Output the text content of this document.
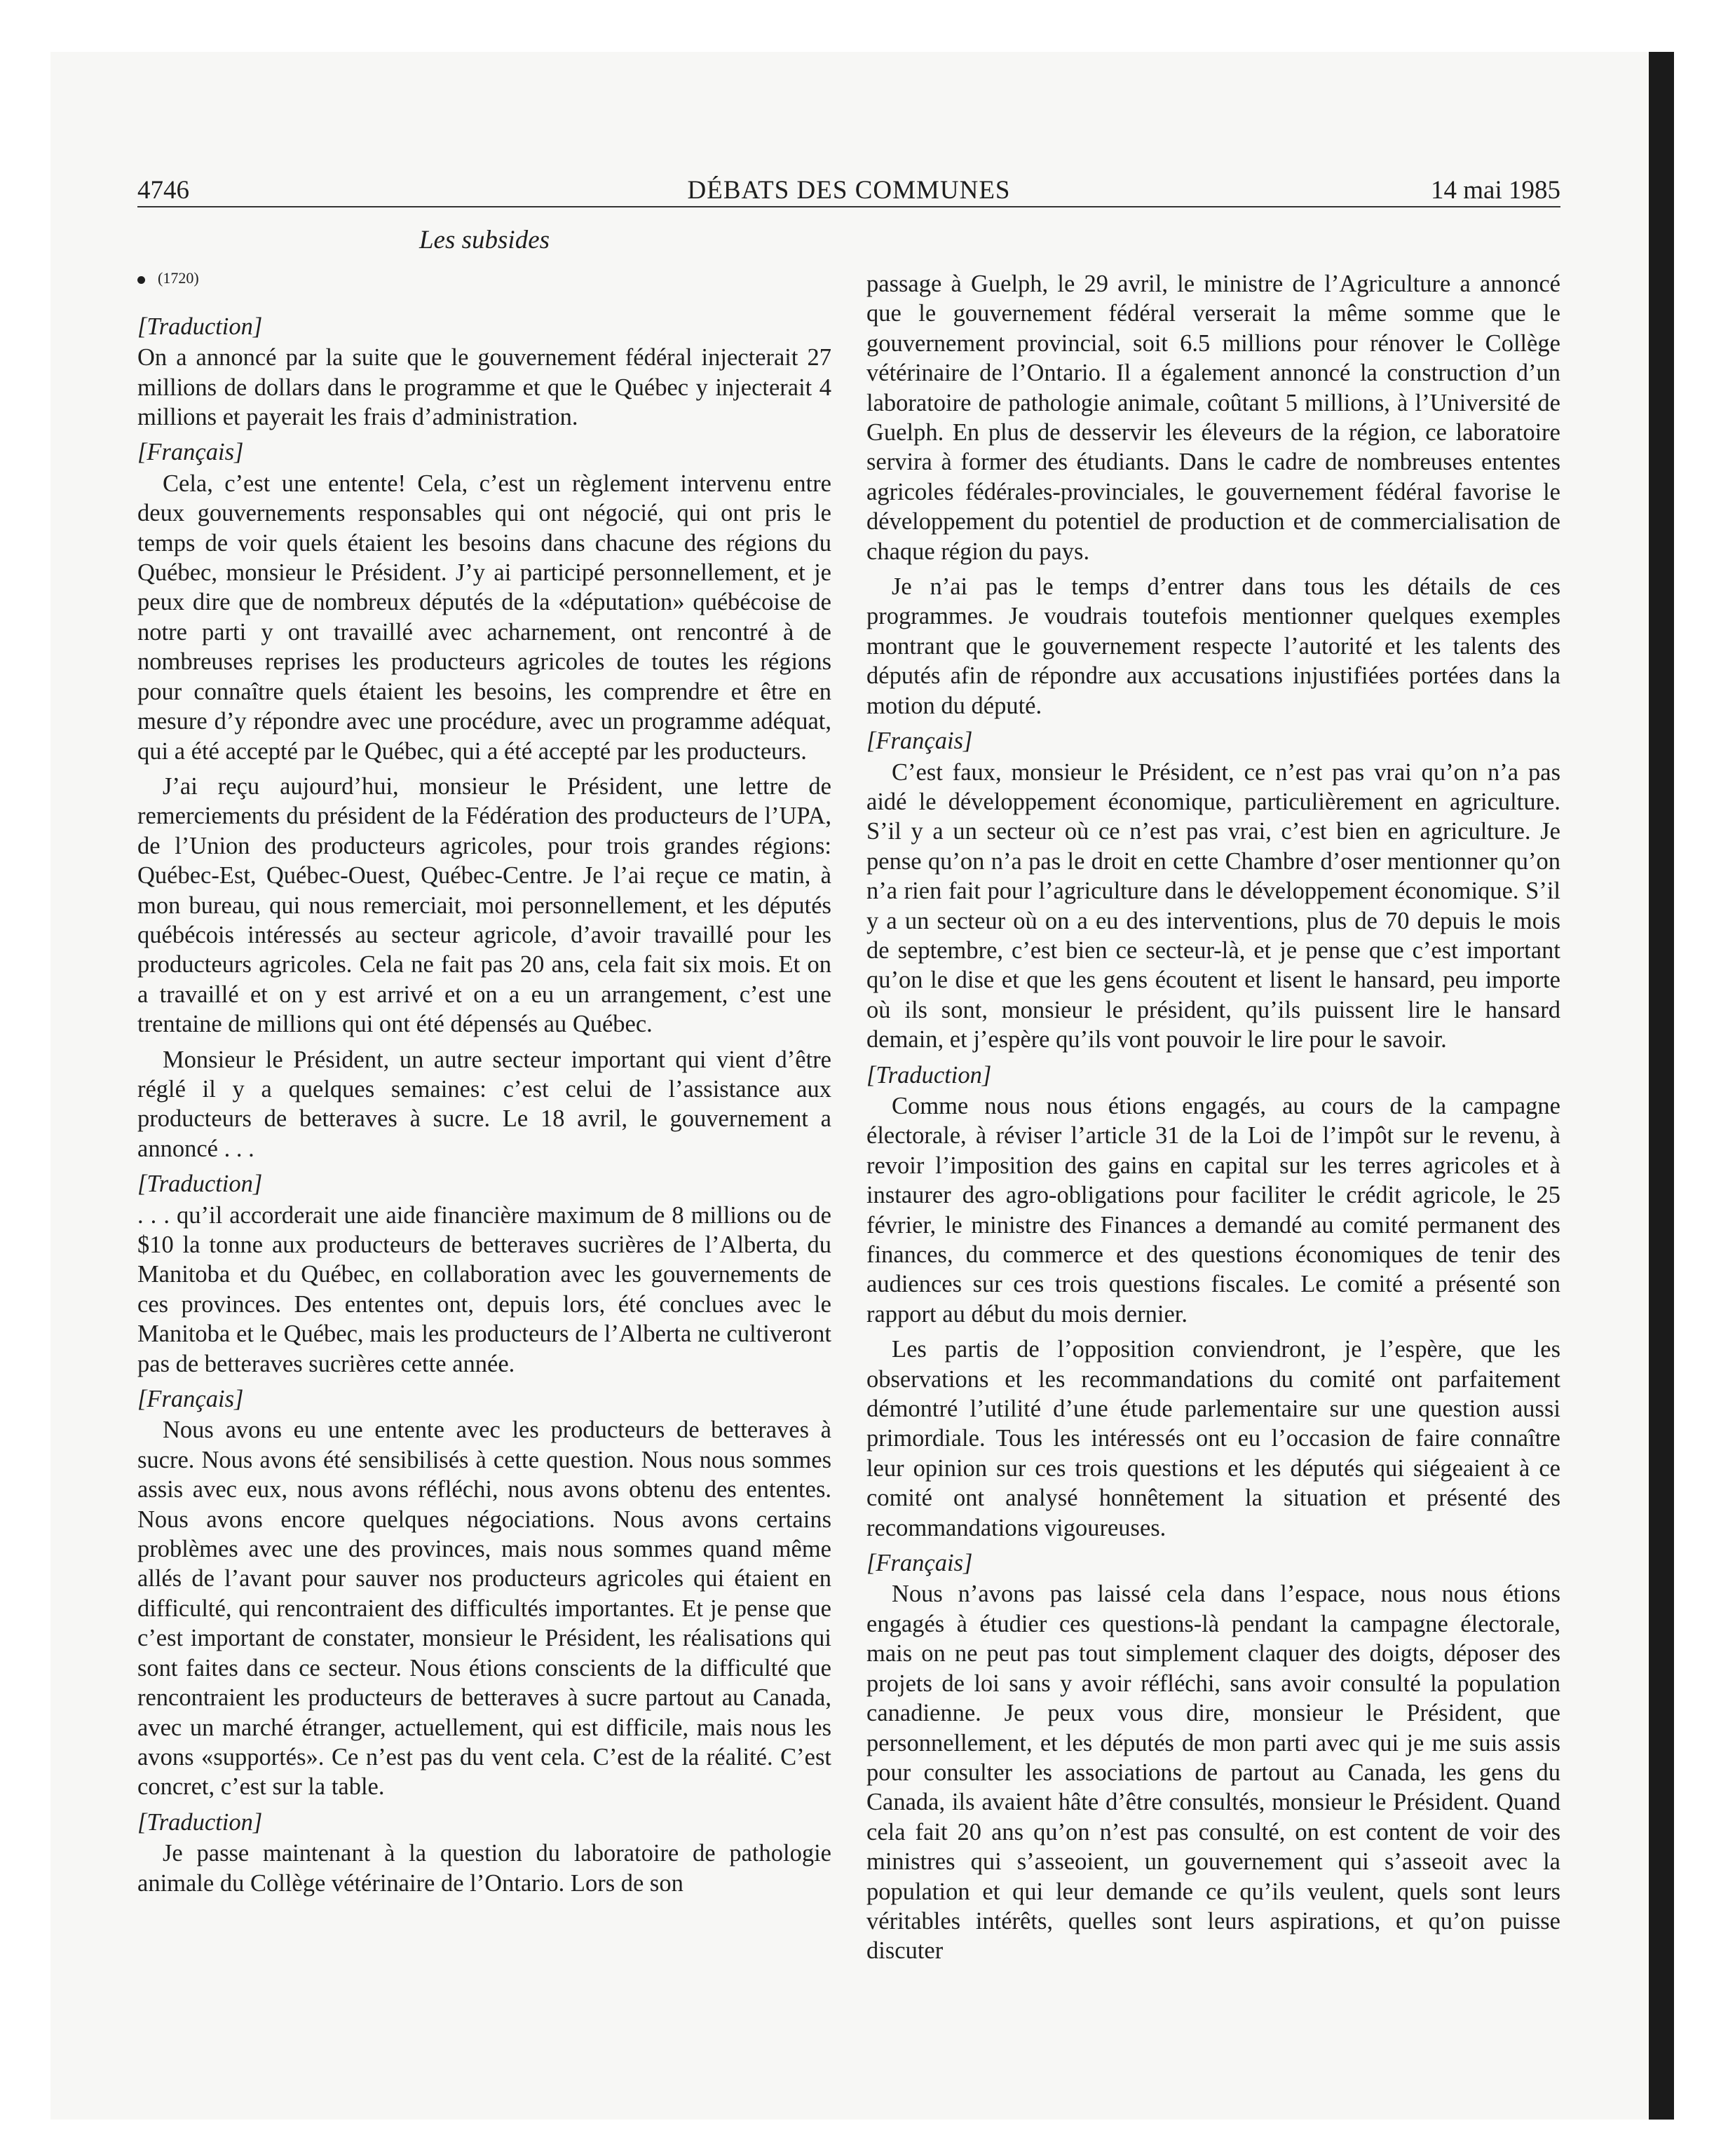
4746	DÉBATS DES COMMUNES	14 mai 1985
Les subsides
(1720)
[Traduction]

On a annoncé par la suite que le gouvernement fédéral injecterait 27 millions de dollars dans le programme et que le Québec y injecterait 4 millions et payerait les frais d’administration.

[Français]

Cela, c’est une entente! Cela, c’est un règlement intervenu entre deux gouvernements responsables qui ont négocié, qui ont pris le temps de voir quels étaient les besoins dans chacune des régions du Québec, monsieur le Président. J’y ai participé personnellement, et je peux dire que de nombreux députés de la «députation» québécoise de notre parti y ont travaillé avec acharnement, ont rencontré à de nombreuses reprises les producteurs agricoles de toutes les régions pour connaître quels étaient les besoins, les comprendre et être en mesure d’y répondre avec une procédure, avec un programme adéquat, qui a été accepté par le Québec, qui a été accepté par les producteurs.

J’ai reçu aujourd’hui, monsieur le Président, une lettre de remerciements du président de la Fédération des producteurs de l’UPA, de l’Union des producteurs agricoles, pour trois grandes régions: Québec-Est, Québec-Ouest, Québec-Centre. Je l’ai reçue ce matin, à mon bureau, qui nous remerciait, moi personnellement, et les députés québécois intéressés au secteur agricole, d’avoir travaillé pour les producteurs agricoles. Cela ne fait pas 20 ans, cela fait six mois. Et on a travaillé et on y est arrivé et on a eu un arrangement, c’est une trentaine de millions qui ont été dépensés au Québec.

Monsieur le Président, un autre secteur important qui vient d’être réglé il y a quelques semaines: c’est celui de l’assistance aux producteurs de betteraves à sucre. Le 18 avril, le gouvernement a annoncé . . .

[Traduction]

. . . qu’il accorderait une aide financière maximum de 8 millions ou de $10 la tonne aux producteurs de betteraves sucrières de l’Alberta, du Manitoba et du Québec, en collaboration avec les gouvernements de ces provinces. Des ententes ont, depuis lors, été conclues avec le Manitoba et le Québec, mais les producteurs de l’Alberta ne cultiveront pas de betteraves sucrières cette année.

[Français]

Nous avons eu une entente avec les producteurs de betteraves à sucre. Nous avons été sensibilisés à cette question. Nous nous sommes assis avec eux, nous avons réfléchi, nous avons obtenu des ententes. Nous avons encore quelques négociations. Nous avons certains problèmes avec une des provinces, mais nous sommes quand même allés de l’avant pour sauver nos producteurs agricoles qui étaient en difficulté, qui rencontraient des difficultés importantes. Et je pense que c’est important de constater, monsieur le Président, les réalisations qui sont faites dans ce secteur. Nous étions conscients de la difficulté que rencontraient les producteurs de betteraves à sucre partout au Canada, avec un marché étranger, actuellement, qui est difficile, mais nous les avons «supportés». Ce n’est pas du vent cela. C’est de la réalité. C’est concret, c’est sur la table.

[Traduction]

Je passe maintenant à la question du laboratoire de pathologie animale du Collège vétérinaire de l’Ontario. Lors de son

passage à Guelph, le 29 avril, le ministre de l’Agriculture a annoncé que le gouvernement fédéral verserait la même somme que le gouvernement provincial, soit 6.5 millions pour rénover le Collège vétérinaire de l’Ontario. Il a également annoncé la construction d’un laboratoire de pathologie animale, coûtant 5 millions, à l’Université de Guelph. En plus de desservir les éleveurs de la région, ce laboratoire servira à former des étudiants. Dans le cadre de nombreuses ententes agricoles fédérales-provinciales, le gouvernement fédéral favorise le développement du potentiel de production et de commercialisation de chaque région du pays.

Je n’ai pas le temps d’entrer dans tous les détails de ces programmes. Je voudrais toutefois mentionner quelques exemples montrant que le gouvernement respecte l’autorité et les talents des députés afin de répondre aux accusations injustifiées portées dans la motion du député.

[Français]

C’est faux, monsieur le Président, ce n’est pas vrai qu’on n’a pas aidé le développement économique, particulièrement en agriculture. S’il y a un secteur où ce n’est pas vrai, c’est bien en agriculture. Je pense qu’on n’a pas le droit en cette Chambre d’oser mentionner qu’on n’a rien fait pour l’agriculture dans le développement économique. S’il y a un secteur où on a eu des interventions, plus de 70 depuis le mois de septembre, c’est bien ce secteur-là, et je pense que c’est important qu’on le dise et que les gens écoutent et lisent le hansard, peu importe où ils sont, monsieur le président, qu’ils puissent lire le hansard demain, et j’espère qu’ils vont pouvoir le lire pour le savoir.

[Traduction]

Comme nous nous étions engagés, au cours de la campagne électorale, à réviser l’article 31 de la Loi de l’impôt sur le revenu, à revoir l’imposition des gains en capital sur les terres agricoles et à instaurer des agro-obligations pour faciliter le crédit agricole, le 25 février, le ministre des Finances a demandé au comité permanent des finances, du commerce et des questions économiques de tenir des audiences sur ces trois questions fiscales. Le comité a présenté son rapport au début du mois dernier.

Les partis de l’opposition conviendront, je l’espère, que les observations et les recommandations du comité ont parfaitement démontré l’utilité d’une étude parlementaire sur une question aussi primordiale. Tous les intéressés ont eu l’occasion de faire connaître leur opinion sur ces trois questions et les députés qui siégeaient à ce comité ont analysé honnêtement la situation et présenté des recommandations vigoureuses.

[Français]

Nous n’avons pas laissé cela dans l’espace, nous nous étions engagés à étudier ces questions-là pendant la campagne électorale, mais on ne peut pas tout simplement claquer des doigts, déposer des projets de loi sans y avoir réfléchi, sans avoir consulté la population canadienne. Je peux vous dire, monsieur le Président, que personnellement, et les députés de mon parti avec qui je me suis assis pour consulter les associations de partout au Canada, les gens du Canada, ils avaient hâte d’être consultés, monsieur le Président. Quand cela fait 20 ans qu’on n’est pas consulté, on est content de voir des ministres qui s’asseoient, un gouvernement qui s’asseoit avec la population et qui leur demande ce qu’ils veulent, quels sont leurs véritables intérêts, quelles sont leurs aspirations, et qu’on puisse discuter
